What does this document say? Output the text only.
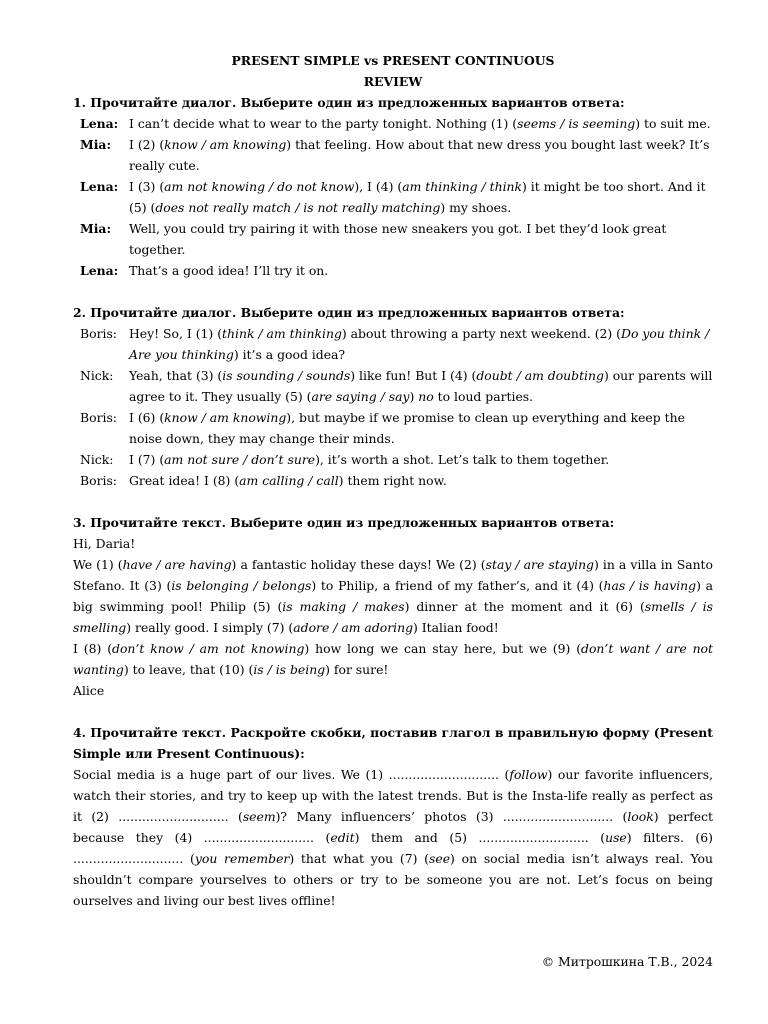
PRESENT SIMPLE vs PRESENT CONTINUOUS
REVIEW
1. Прочитайте диалог. Выберите один из предложенных вариантов ответа:
Lena: I can’t decide what to wear to the party tonight. Nothing (1) (seems / is seeming) to suit me.
Mia:	I (2) (know / am knowing) that feeling. How about that new dress you bought last week? It’s really cute.
Lena: I (3) (am not knowing / do not know), I (4) (am thinking / think) it might be too short. And it (5) (does not really match / is not really matching) my shoes.
Mia:	Well, you could try pairing it with those new sneakers you got. I bet they’d look great together.
Lena: That’s a good idea! I’ll try it on.
2. Прочитайте диалог. Выберите один из предложенных вариантов ответа:
Boris: Hey! So, I (1) (think / am thinking) about throwing a party next weekend. (2) (Do you think / Are you thinking) it’s a good idea?
Nick:	Yeah, that (3) (is sounding / sounds) like fun! But I (4) (doubt / am doubting) our parents will agree to it. They usually (5) (are saying / say) no to loud parties.
Boris: I (6) (know / am knowing), but maybe if we promise to clean up everything and keep the noise down, they may change their minds.
Nick:	I (7) (am not sure / don’t sure), it’s worth a shot. Let’s talk to them together.
Boris: Great idea! I (8) (am calling / call) them right now.
3. Прочитайте текст. Выберите один из предложенных вариантов ответа:
Hi, Daria!
We (1) (have / are having) a fantastic holiday these days! We (2) (stay / are staying) in a villa in Santo Stefano. It (3) (is belonging / belongs) to Philip, a friend of my father’s, and it (4) (has / is having) a big swimming pool! Philip (5) (is making / makes) dinner at the moment and it (6) (smells / is smelling) really good. I simply (7) (adore / am adoring) Italian food!
I (8) (don’t know / am not knowing) how long we can stay here, but we (9) (don’t want / are not wanting) to leave, that (10) (is / is being) for sure!
Alice
4. Прочитайте текст. Раскройте скобки, поставив глагол в правильную форму (Present Simple или Present Continuous):
Social media is a huge part of our lives. We (1) ............................ (follow) our favorite influencers, watch their stories, and try to keep up with the latest trends. But is the Insta-life really as perfect as it (2) ............................ (seem)? Many influencers’ photos (3) ............................ (look) perfect because they (4) ............................ (edit) them and (5) ............................ (use) filters. (6) ............................ (you remember) that what you (7) (see) on social media isn’t always real. You shouldn’t compare yourselves to others or try to be someone you are not. Let’s focus on being ourselves and living our best lives offline!
© Митрошкина Т.В., 2024
